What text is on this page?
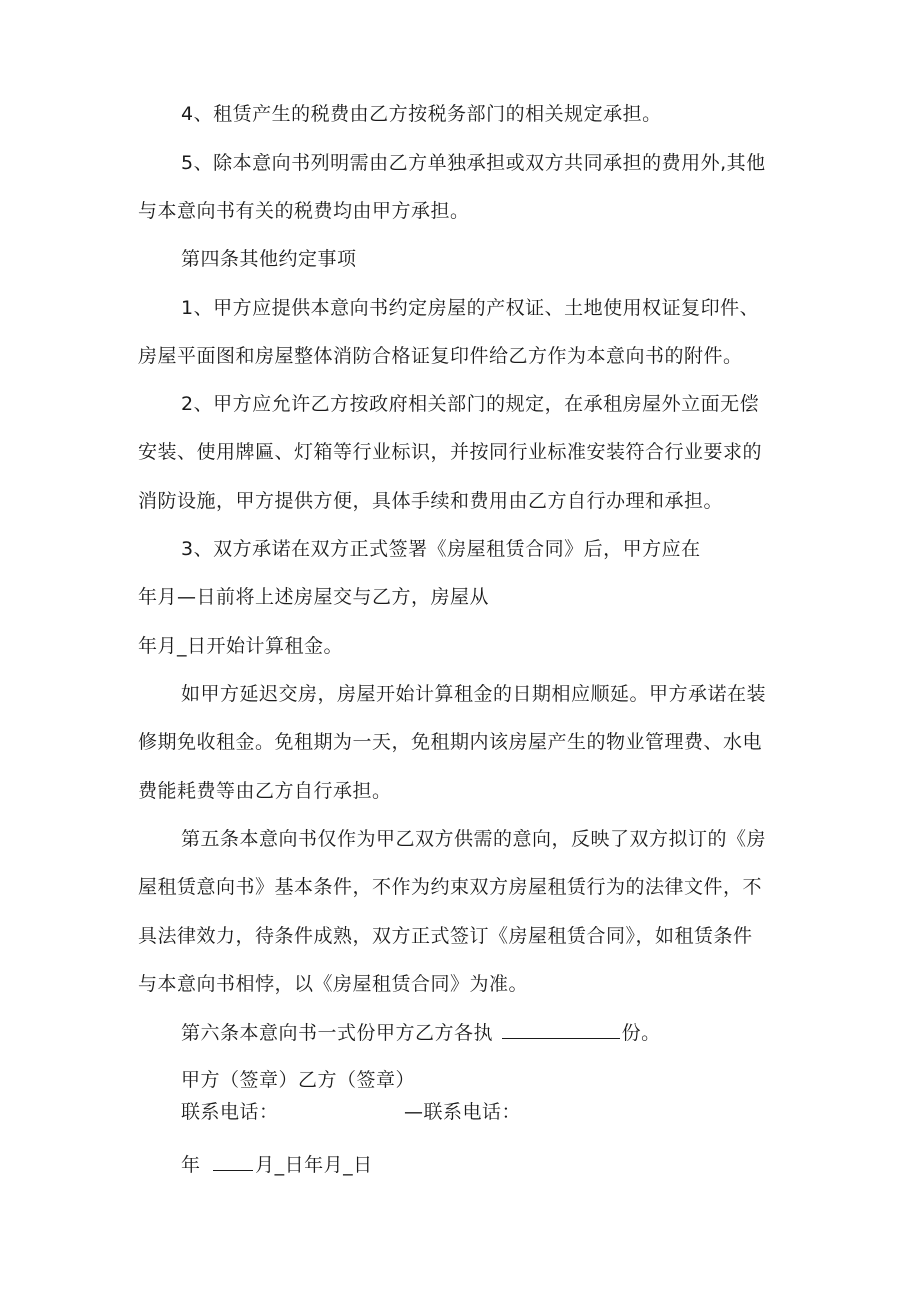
4、租赁产生的税费由乙方按税务部门的相关规定承担。
5、除本意向书列明需由乙方单独承担或双方共同承担的费用外,其他
与本意向书有关的税费均由甲方承担。
第四条其他约定事项
1、甲方应提供本意向书约定房屋的产权证、土地使用权证复印件、
房屋平面图和房屋整体消防合格证复印件给乙方作为本意向书的附件。
2、甲方应允许乙方按政府相关部门的规定，在承租房屋外立面无偿
安装、使用牌匾、灯箱等行业标识，并按同行业标准安装符合行业要求的
消防设施，甲方提供方便，具体手续和费用由乙方自行办理和承担。
3、双方承诺在双方正式签署《房屋租赁合同》后，甲方应在
年月—日前将上述房屋交与乙方，房屋从
年月_日开始计算租金。
如甲方延迟交房，房屋开始计算租金的日期相应顺延。甲方承诺在装
修期免收租金。免租期为一天，免租期内该房屋产生的物业管理费、水电
费能耗费等由乙方自行承担。
第五条本意向书仅作为甲乙双方供需的意向，反映了双方拟订的《房
屋租赁意向书》基本条件，不作为约束双方房屋租赁行为的法律文件，不
具法律效力，待条件成熟，双方正式签订《房屋租赁合同》，如租赁条件
与本意向书相悖，以《房屋租赁合同》为准。
第六条本意向书一式份甲方乙方各执	份。
甲方（签章）乙方（签章）
联系电话：	—联系电话：
年	月_日年月_日
